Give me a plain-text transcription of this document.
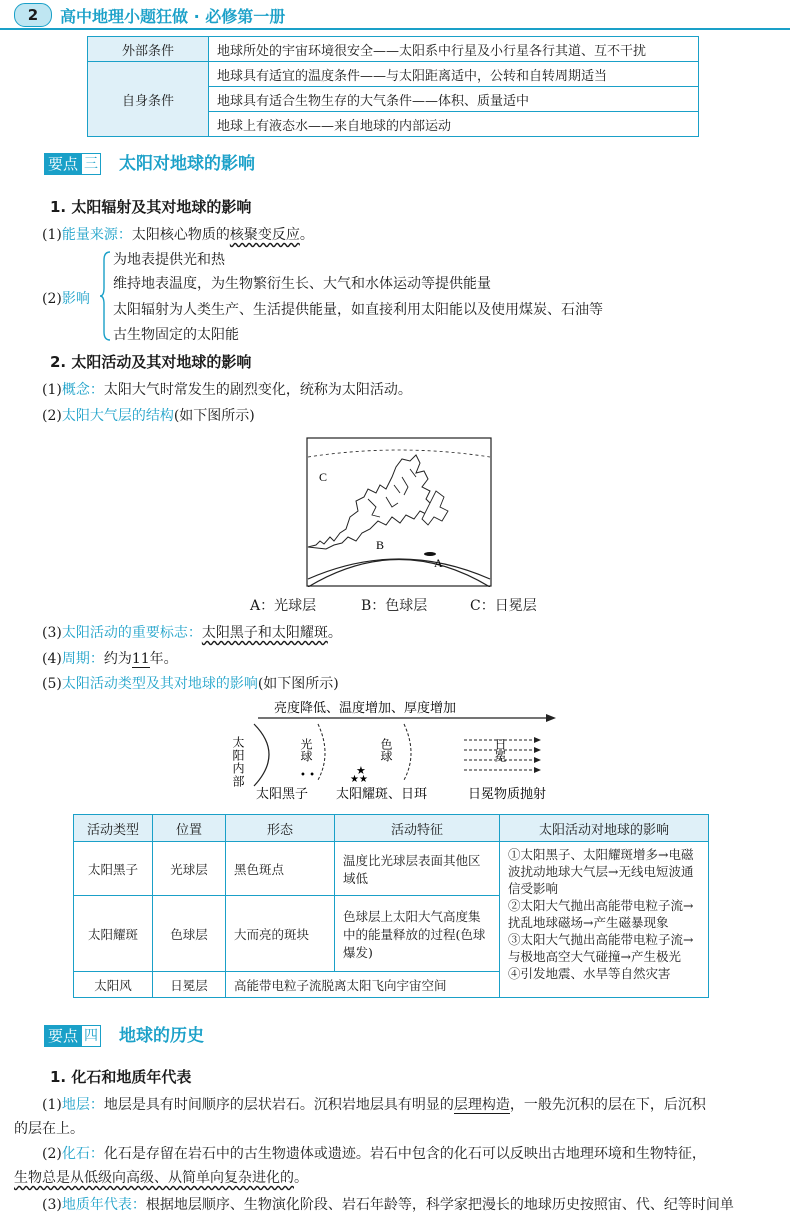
2	高中地理小题狂做 · 必修第一册
外部条件	地球所处的宇宙环境很安全——太阳系中行星及小行星各行其道、互不干扰
自身条件	地球具有适宜的温度条件——与太阳距离适中，公转和自转周期适当
	地球具有适合生物生存的大气条件——体积、质量适中
	地球上有液态水——来自地球的内部运动
要点 三 太阳对地球的影响
1. 太阳辐射及其对地球的影响
(1)能量来源：太阳核心物质的核聚变反应。
(2)影响
为地表提供光和热
维持地表温度，为生物繁衍生长、大气和水体运动等提供能量
太阳辐射为人类生产、生活提供能量，如直接利用太阳能以及使用煤炭、石油等
古生物固定的太阳能
2. 太阳活动及其对地球的影响
(1)概念：太阳大气时常发生的剧烈变化，统称为太阳活动。
(2)太阳大气层的结构(如下图所示)
C
B
A
A：光球层	B：色球层	C：日冕层
(3)太阳活动的重要标志：太阳黑子和太阳耀斑。
(4)周期：约为11年。
(5)太阳活动类型及其对地球的影响(如下图所示)
亮度降低、温度增加、厚度增加
太阳内部	光球
• •
色球
★
★★
日冕
太阳黑子 太阳耀斑、日珥	日冕物质抛射
活动类型	位置	形态	活动特征	太阳活动对地球的影响
太阳黑子	光球层	黑色斑点	温度比光球层表面其他区域低	①太阳黑子、太阳耀斑增多→电磁波扰动地球大气层→无线电短波通信受影响
②太阳大气抛出高能带电粒子流→扰乱地球磁场→产生磁暴现象
③太阳大气抛出高能带电粒子流→与极地高空大气碰撞→产生极光
④引发地震、水旱等自然灾害

太阳耀斑	色球层	大而亮的斑块	色球层上太阳大气高度集中的能量释放的过程(色球爆发)	
太阳风	日冕层	高能带电粒子流脱离太阳飞向宇宙空间		
要点 四 地球的历史
1. 化石和地质年代表
(1)地层：地层是具有时间顺序的层状岩石。沉积岩地层具有明显的层理构造，一般先沉积的层在下，后沉积
的层在上。
(2)化石：化石是存留在岩石中的古生物遗体或遗迹。岩石中包含的化石可以反映出古地理环境和生物特征，
生物总是从低级向高级、从简单向复杂进化的。
(3)地质年代表：根据地层顺序、生物演化阶段、岩石年龄等，科学家把漫长的地球历史按照宙、代、纪等时间单
